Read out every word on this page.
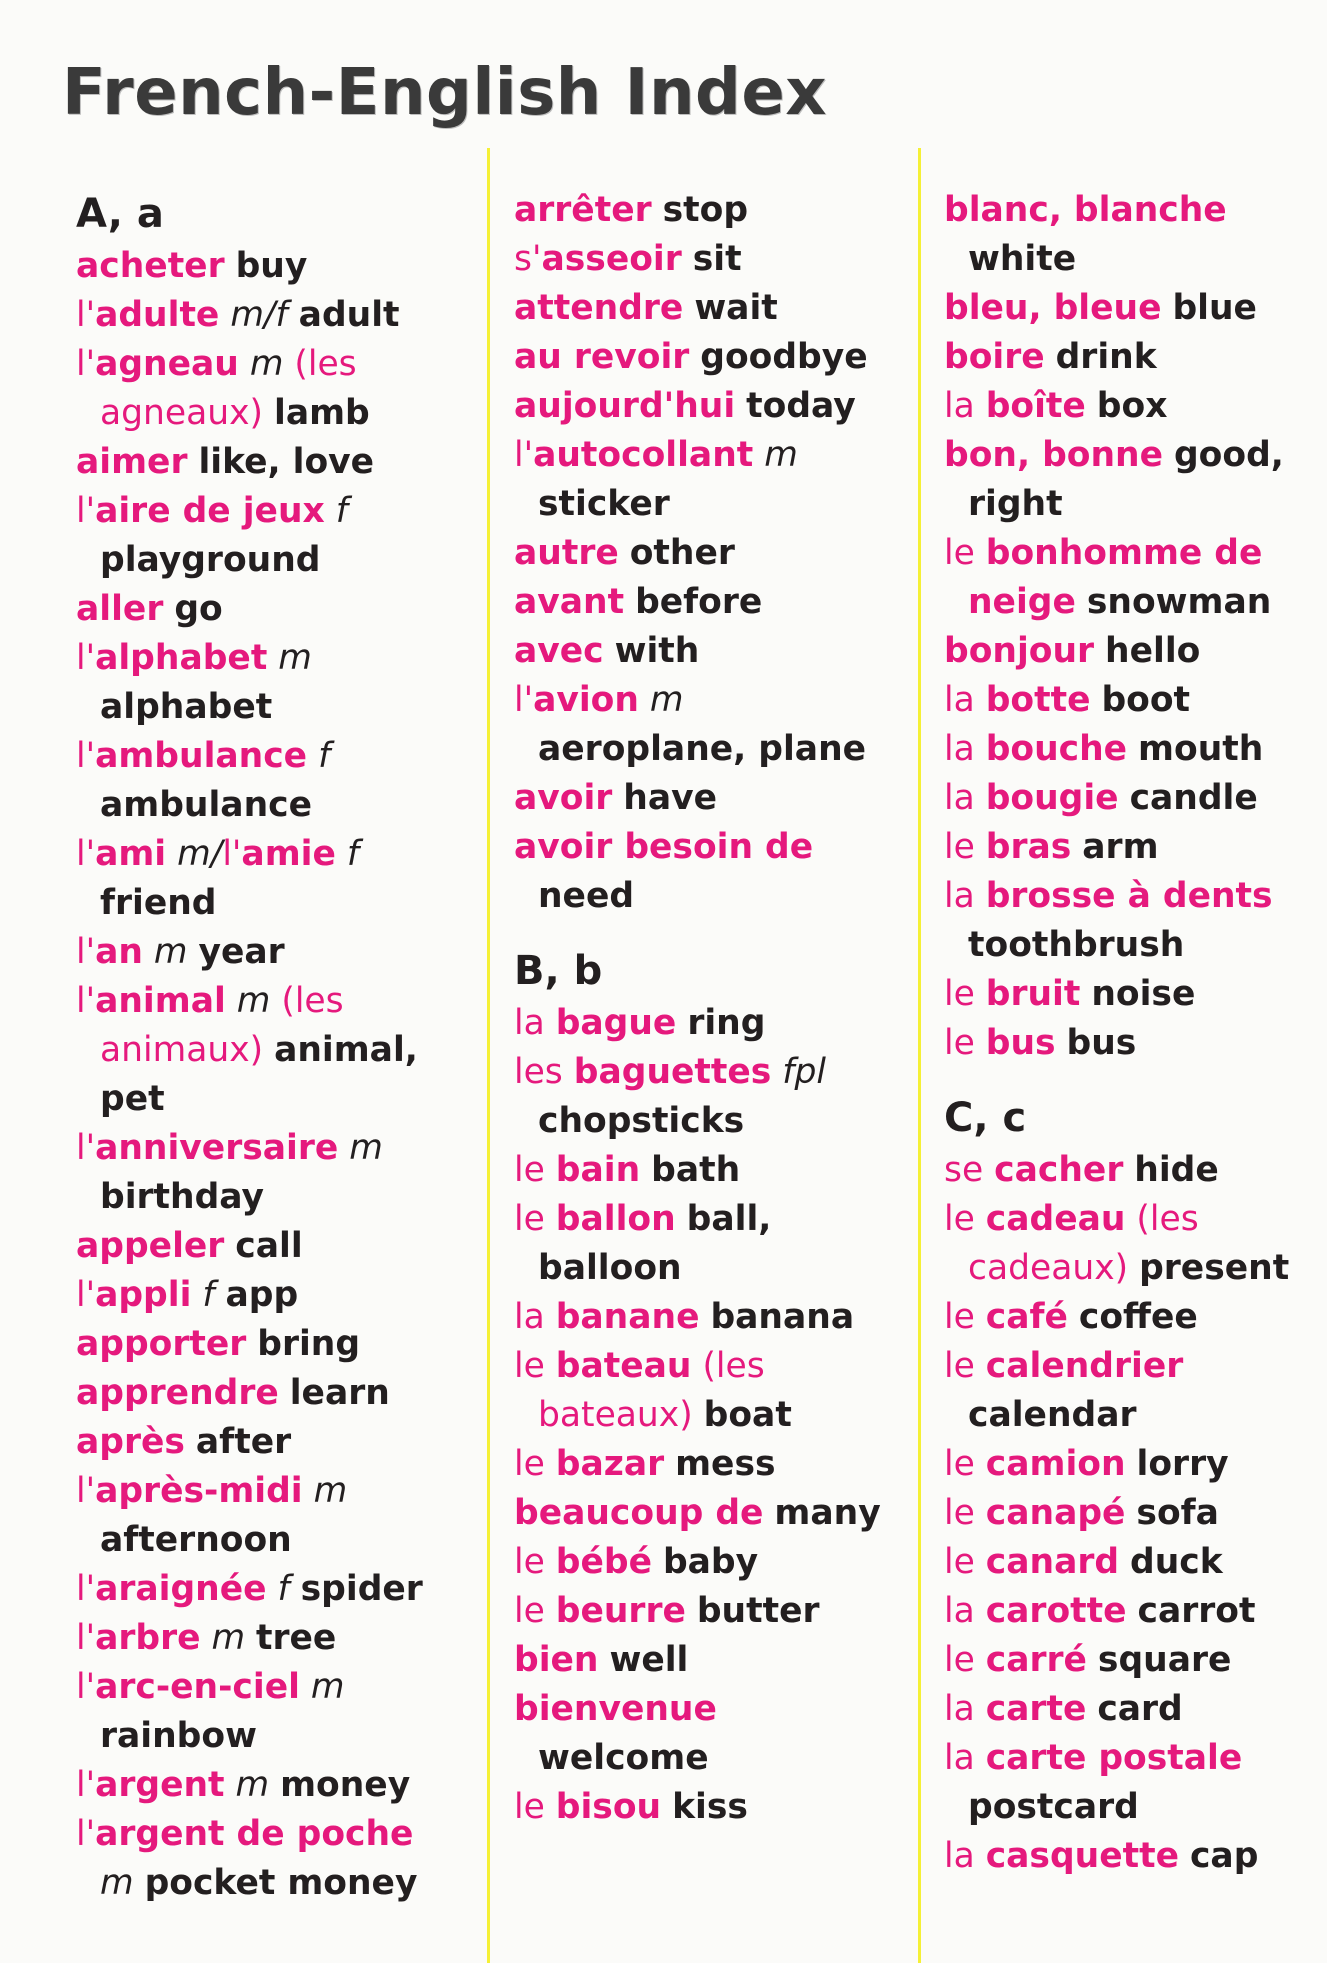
French-English Index
A, a
acheter buy
l'adulte m/f adult
l'agneau m (les agneaux) lamb
aimer like, love
l'aire de jeux f playground
aller go
l'alphabet m alphabet
l'ambulance f ambulance
l'ami m/l'amie f friend
l'an m year
l'animal m (les animaux) animal, pet
l'anniversaire m birthday
appeler call
l'appli f app
apporter bring
apprendre learn
après after
l'après-midi m afternoon
l'araignée f spider
l'arbre m tree
l'arc-en-ciel m rainbow
l'argent m money
l'argent de poche m pocket money
arrêter stop
s'asseoir sit
attendre wait
au revoir goodbye
aujourd'hui today
l'autocollant m sticker
autre other
avant before
avec with
l'avion m aeroplane, plane
avoir have
avoir besoin de need
B, b
la bague ring
les baguettes fpl chopsticks
le bain bath
le ballon ball, balloon
la banane banana
le bateau (les bateaux) boat
le bazar mess
beaucoup de many
le bébé baby
le beurre butter
bien well
bienvenue welcome
le bisou kiss
blanc, blanche white
bleu, bleue blue
boire drink
la boîte box
bon, bonne good, right
le bonhomme de neige snowman
bonjour hello
la botte boot
la bouche mouth
la bougie candle
le bras arm
la brosse à dents toothbrush
le bruit noise
le bus bus
C, c
se cacher hide
le cadeau (les cadeaux) present
le café coffee
le calendrier calendar
le camion lorry
le canapé sofa
le canard duck
la carotte carrot
le carré square
la carte card
la carte postale postcard
la casquette cap
